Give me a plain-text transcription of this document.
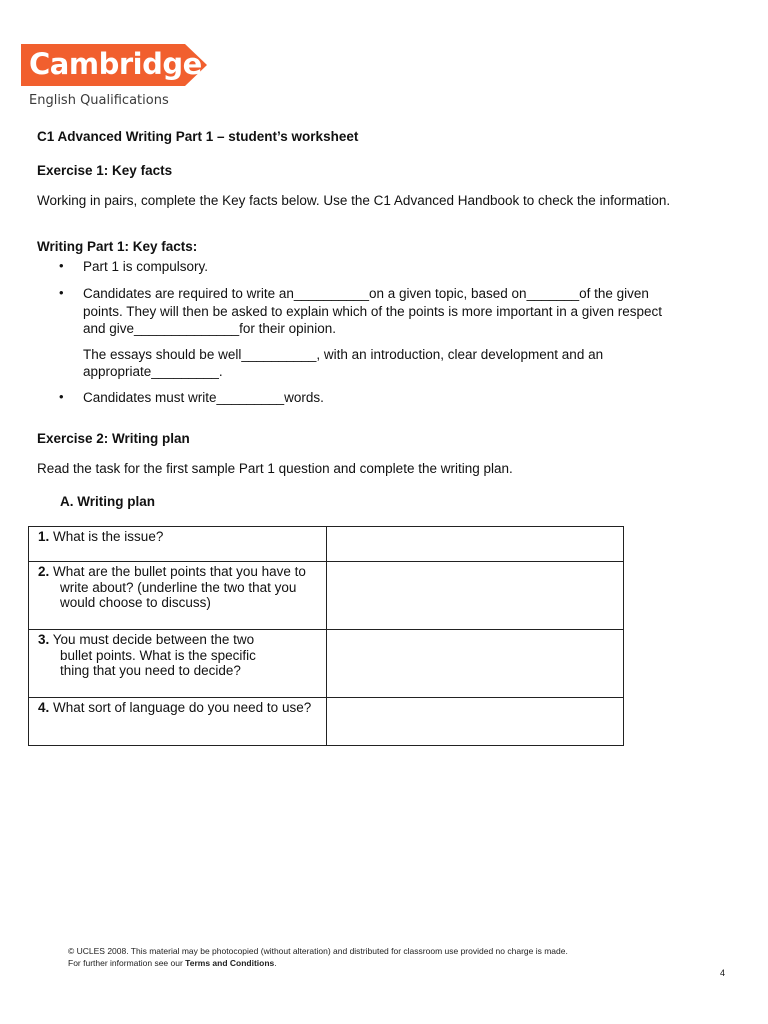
Cambridge
English Qualifications
C1 Advanced Writing Part 1 – student’s worksheet
Exercise 1: Key facts
Working in pairs, complete the Key facts below. Use the C1 Advanced Handbook to check the information.
Writing Part 1: Key facts:
• Part 1 is compulsory.
• Candidates are required to write an__________on a given topic, based on_______of the given
points. They will then be asked to explain which of the points is more important in a given respect
and give______________for their opinion.
The essays should be well__________, with an introduction, clear development and an
appropriate_________.
• Candidates must write_________words.
Exercise 2: Writing plan
Read the task for the first sample Part 1 question and complete the writing plan.
A. Writing plan
1. What is the issue?
2. What are the bullet points that you have to
write about? (underline the two that you
would choose to discuss)
3. You must decide between the two
bullet points. What is the specific
thing that you need to decide?
4. What sort of language do you need to use?
© UCLES 2008. This material may be photocopied (without alteration) and distributed for classroom use provided no charge is made.
For further information see our Terms and Conditions.
4
